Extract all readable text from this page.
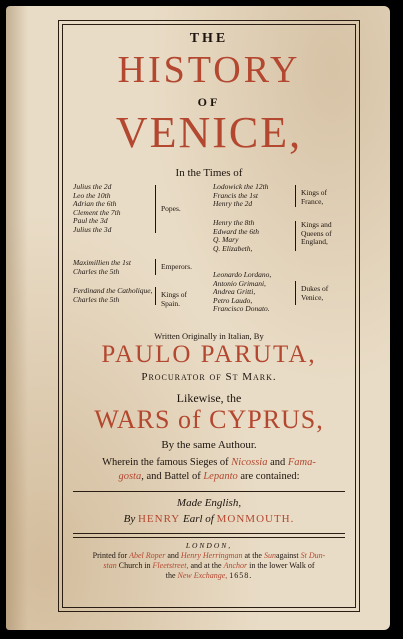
THE
HISTORY
OF
VENICE,
In the Times of
Julius the 2d
Leo the 10th
Adrian the 6th
Clement the 7th
Paul the 3d
Julius the 3d
Popes.
Maximillien the 1st
Charles the 5th
Emperors.
Ferdinand the Catholique,
Charles the 5th
Kings of Spain.
Lodowick the 12th
Francis the 1st
Henry the 2d
Kings of France,
Henry the 8th
Edward the 6th
Q. Mary
Q. Elizabeth,
Kings and Queens of England,
Leonardo Lordano,
Antonio Grimani,
Andrea Gritti,
Petro Laudo,
Francisco Donato.
Dukes of Venice,
Written Originally in Italian, By
PAULO PARUTA,
Procurator of St Mark.
Likewise, the
WARS of CYPRUS,
By the same Authour.
Wherein the famous Sieges of Nicossia and Fama-
gosta, and Battel of Lepanto are contained:
Made English,
By HENRY Earl of MONMOUTH.
LONDON,
Printed for Abel Roper and Henry Herringman at the Sunagainst St Dun-
stan Church in Fleetstreet, and at the Anchor in the lower Walk of
the New Exchange, 1658.
